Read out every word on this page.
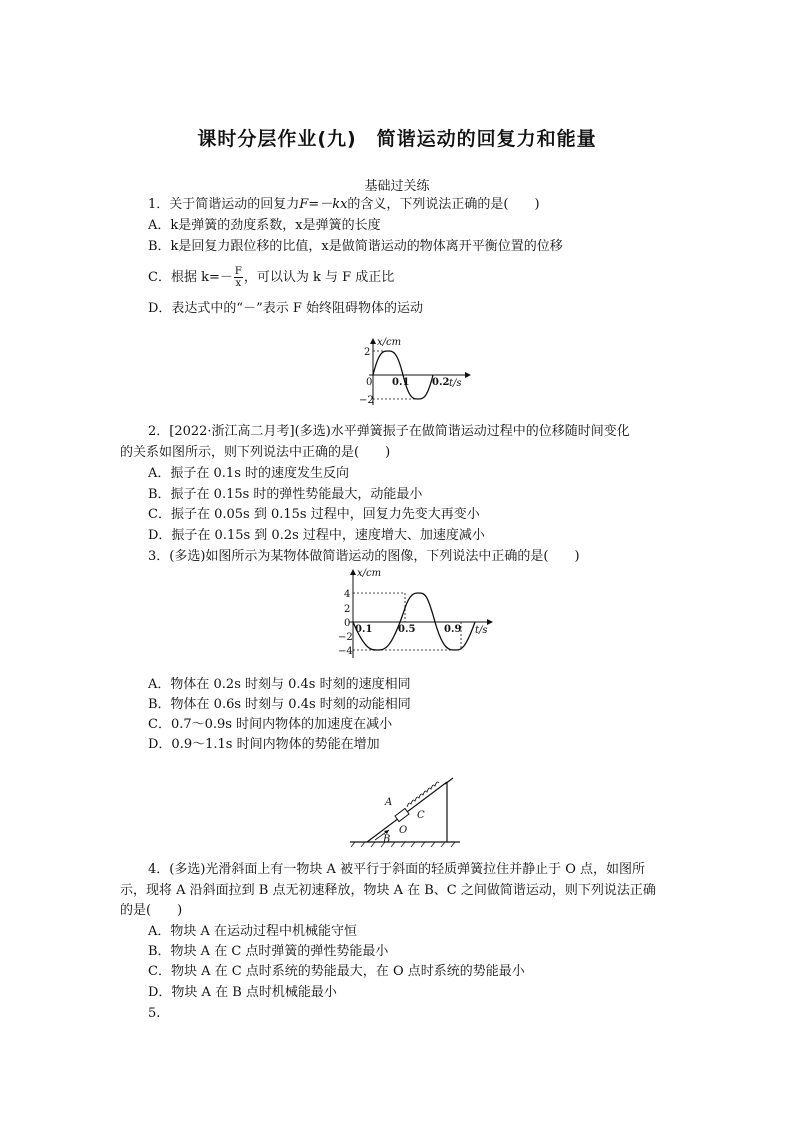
课时分层作业(九)　简谐运动的回复力和能量
基础过关练
1．关于简谐运动的回复力F=－kx的含义，下列说法正确的是(　　)
A．k是弹簧的劲度系数，x是弹簧的长度
B．k是回复力跟位移的比值，x是做简谐运动的物体离开平衡位置的位移
C．根据 $k=- \frac{F}{x}$ ，可以认为 k 与 F 成正比
D．表达式中的“－”表示 F 始终阻碍物体的运动
x/cm
t/s
2
0
−2
0.1 0.2
2．[2022·浙江高二月考](多选)水平弹簧振子在做简谐运动过程中的位移随时间变化
的关系如图所示，则下列说法中正确的是(　　)
A．振子在 0.1s 时的速度发生反向
B．振子在 0.15s 时的弹性势能最大，动能最小
C．振子在 0.05s 到 0.15s 过程中，回复力先变大再变小
D．振子在 0.15s 到 0.2s 过程中，速度增大、加速度减小
3．(多选)如图所示为某物体做简谐运动的图像，下列说法中正确的是(　　)
x/cm
t/s
4
2
0
−2
−4
0.1	0.5	0.9
A．物体在 0.2s 时刻与 0.4s 时刻的速度相同
B．物体在 0.6s 时刻与 0.4s 时刻的动能相同
C．0.7～0.9s 时间内物体的加速度在减小
D．0.9～1.1s 时间内物体的势能在增加
A
B
C
O
4．(多选)光滑斜面上有一物块 A 被平行于斜面的轻质弹簧拉住并静止于 O 点，如图所
示，现将 A 沿斜面拉到 B 点无初速释放，物块 A 在 B、C 之间做简谐运动，则下列说法正确
的是(　　)
A．物块 A 在运动过程中机械能守恒
B．物块 A 在 C 点时弹簧的弹性势能最小
C．物块 A 在 C 点时系统的势能最大，在 O 点时系统的势能最小
D．物块 A 在 B 点时机械能最小
5.
